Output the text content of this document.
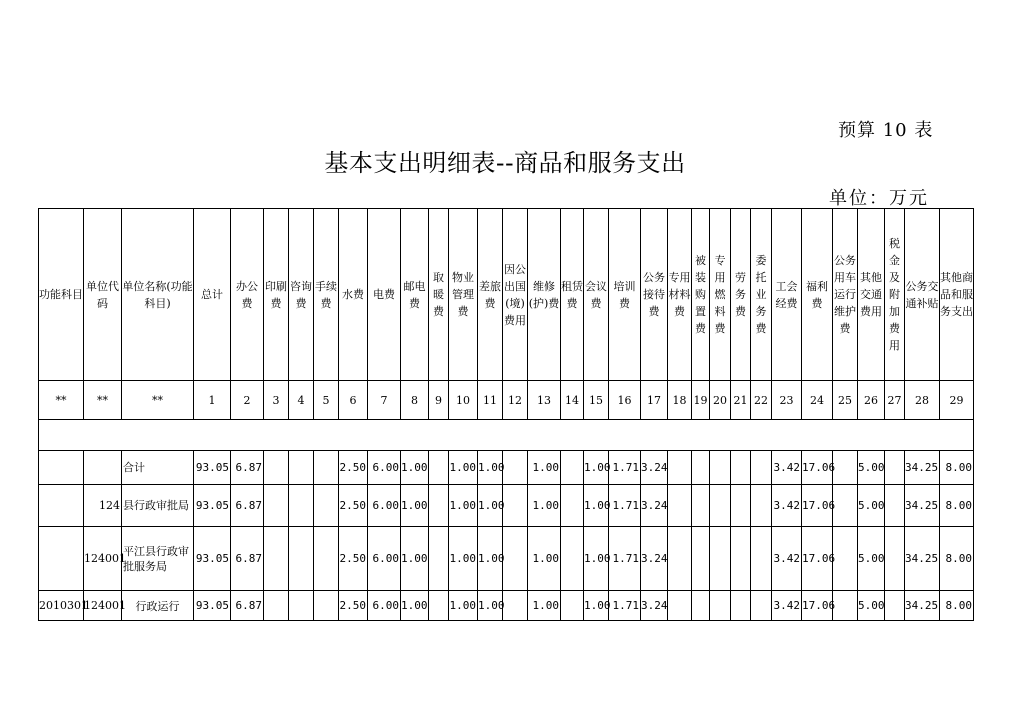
预算 10 表
基本支出明细表--商品和服务支出
单位：万元
功能科目	单位代码	单位名称(功能科目)	总计	办公费	印刷费	咨询费	手续费	水费	电费	邮电费	取暖费	物业管理费	差旅费	因公出国(境)费用	维修(护)费	租赁费	会议费	培训费	公务接待费	专用材料费	被装购置费	专用燃料费	劳务费	委托业务费	工会经费	福利费	公务用车运行维护费	其他交通费用	税金及附加费用	公务交通补贴	其他商品和服务支出
**	**	**	1	2	3	4	5	6	7	8	9	10	11	12	13	14	15	16	17	18	19	20	21	22	23	24	25	26	27	28	29

		合计	93.05	6.87				2.50	6.00	1.00		1.00	1.00		1.00		1.00	1.71	3.24						3.42	17.06		5.00		34.25	8.00
	124	县行政审批局	93.05	6.87				2.50	6.00	1.00		1.00	1.00		1.00		1.00	1.71	3.24						3.42	17.06		5.00		34.25	8.00
	124001	平江县行政审批服务局	93.05	6.87				2.50	6.00	1.00		1.00	1.00		1.00		1.00	1.71	3.24						3.42	17.06		5.00		34.25	8.00
2010301	124001	行政运行	93.05	6.87				2.50	6.00	1.00		1.00	1.00		1.00		1.00	1.71	3.24						3.42	17.06		5.00		34.25	8.00
